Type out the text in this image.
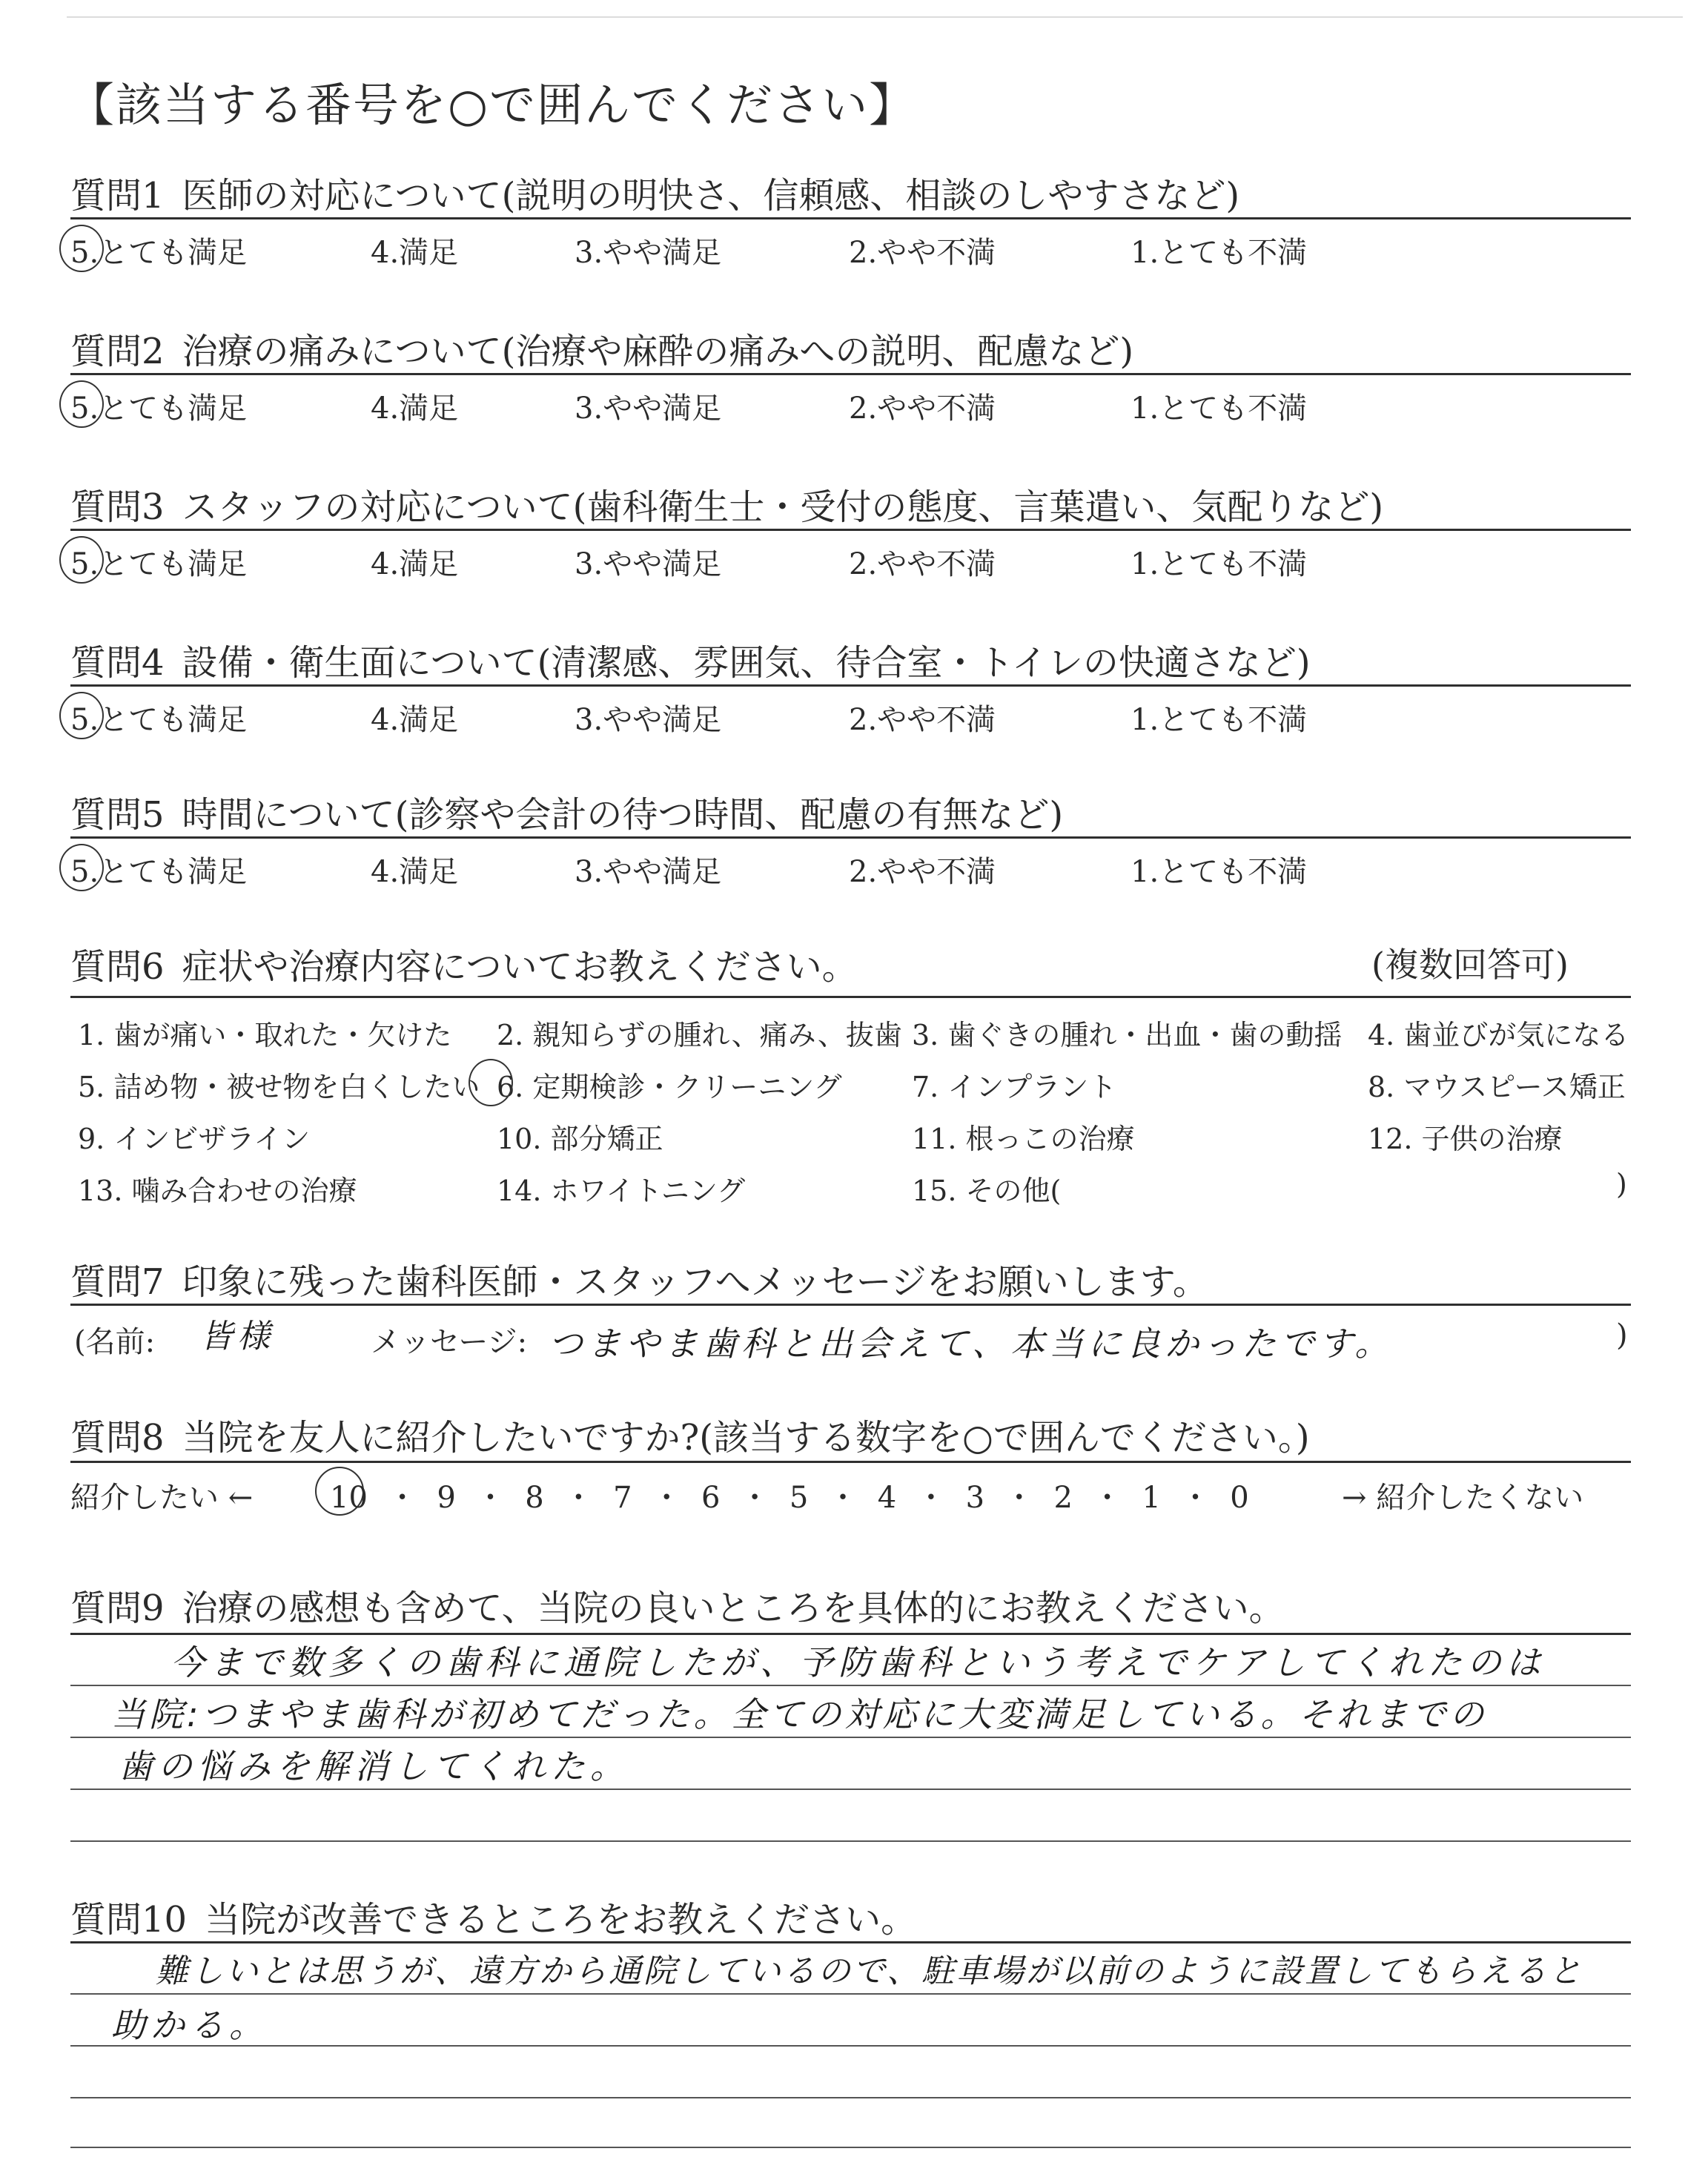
【該当する番号を○で囲んでください】
質問1 医師の対応について(説明の明快さ、信頼感、相談のしやすさなど)
5.とても満足	4.満足	3.やや満足	2.やや不満	1.とても不満
質問2 治療の痛みについて(治療や麻酔の痛みへの説明、配慮など)
5.とても満足	4.満足	3.やや満足	2.やや不満	1.とても不満
質問3 スタッフの対応について(歯科衛生士・受付の態度、言葉遣い、気配りなど)
5.とても満足	4.満足	3.やや満足	2.やや不満	1.とても不満
質問4 設備・衛生面について(清潔感、雰囲気、待合室・トイレの快適さなど)
5.とても満足	4.満足	3.やや満足	2.やや不満	1.とても不満
質問5 時間について(診察や会計の待つ時間、配慮の有無など)
5.とても満足	4.満足	3.やや満足	2.やや不満	1.とても不満
質問6 症状や治療内容についてお教えください。	(複数回答可)
1. 歯が痛い・取れた・欠けた 2. 親知らずの腫れ、痛み、抜歯 3. 歯ぐきの腫れ・出血・歯の動揺 4. 歯並びが気になる
5. 詰め物・被せ物を白くしたい 6. 定期検診・クリーニング 7. インプラント	8. マウスピース矯正
9. インビザライン	10. 部分矯正	11. 根っこの治療	12. 子供の治療
13. 噛み合わせの治療	14. ホワイトニング	15. その他(	)
質問7 印象に残った歯科医師・スタッフへメッセージをお願いします。
(名前: 皆様	メッセージ: つまやま歯科と出会えて、本当に良かったです。	)
質問8 当院を友人に紹介したいですか?(該当する数字を○で囲んでください。)
紹介したい ←	10 ・ 9 ・ 8 ・ 7 ・ 6 ・ 5 ・ 4 ・ 3 ・ 2 ・ 1 ・ 0	→ 紹介したくない
質問9 治療の感想も含めて、当院の良いところを具体的にお教えください。
今まで数多くの歯科に通院したが、予防歯科という考えでケアしてくれたのは
当院:つまやま歯科が初めてだった。全ての対応に大変満足している。それまでの
歯の悩みを解消してくれた。
質問10 当院が改善できるところをお教えください。
難しいとは思うが、遠方から通院しているので、駐車場が以前のように設置してもらえると
助かる。
